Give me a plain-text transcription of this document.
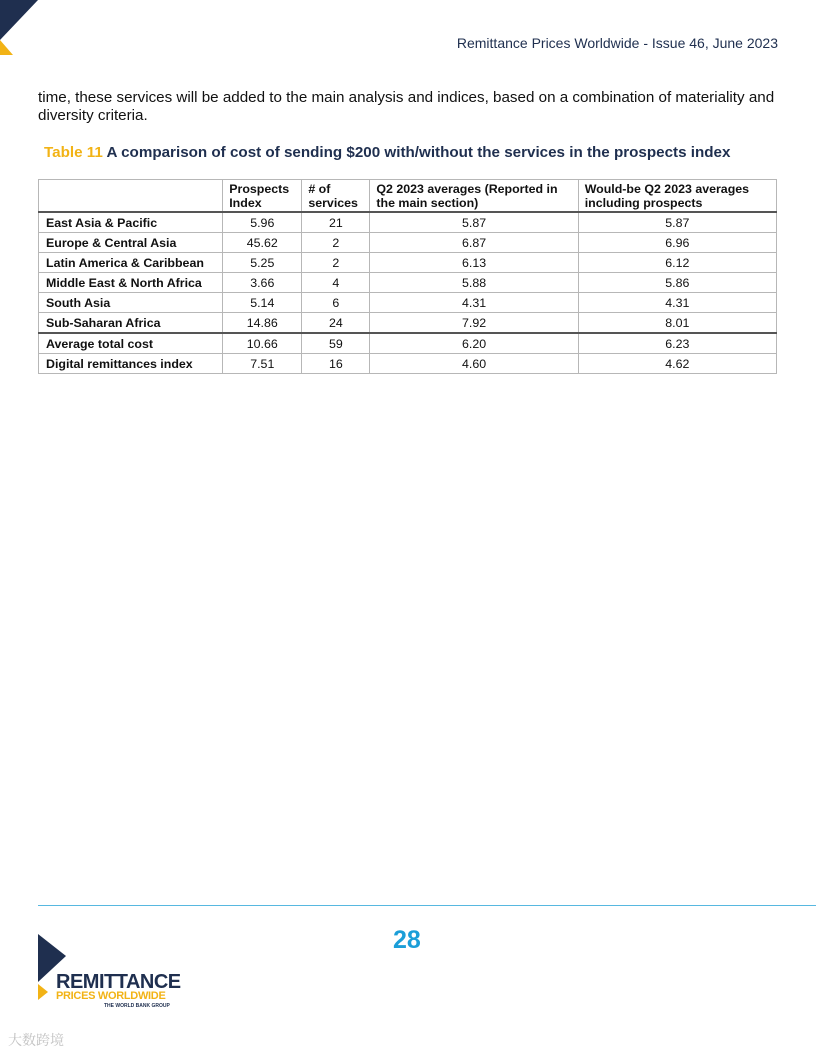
Remittance Prices Worldwide - Issue 46, June 2023
time, these services will be added to the main analysis and indices, based on a combination of materiality and diversity criteria.
Table 11 A comparison of cost of sending $200 with/without the services in the prospects index
	Prospects Index	# of services	Q2 2023 averages (Reported in the main section)	Would-be Q2 2023 averages including prospects
East Asia & Pacific	5.96	21	5.87	5.87
Europe & Central Asia	45.62	2	6.87	6.96
Latin America & Caribbean	5.25	2	6.13	6.12
Middle East & North Africa	3.66	4	5.88	5.86
South Asia	5.14	6	4.31	4.31
Sub-Saharan Africa	14.86	24	7.92	8.01
Average total cost	10.66	59	6.20	6.23
Digital remittances index	7.51	16	4.60	4.62
28
REMITTANCE
PRICES WORLDWIDE
THE WORLD BANK GROUP
大数跨境
